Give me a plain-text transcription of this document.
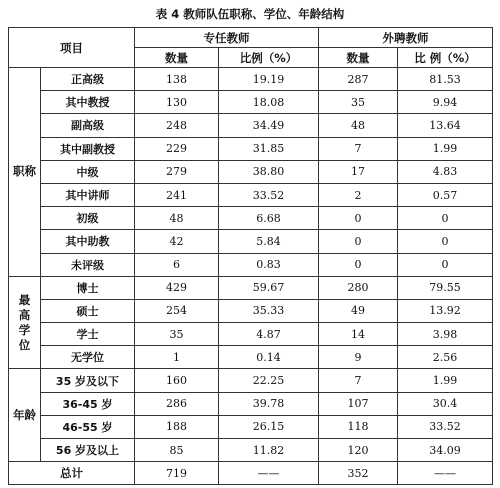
表 4 教师队伍职称、学位、年龄结构
项目		专任教师		外聘教师	
		数量	比例（%）	数量	比 例（%）
职称	正高级	138	19.19	287	81.53
	其中教授	130	18.08	35	9.94
	副高级	248	34.49	48	13.64
	其中副教授	229	31.85	7	1.99
	中级	279	38.80	17	4.83
	其中讲师	241	33.52	2	0.57
	初级	48	6.68	0	0
	其中助教	42	5.84	0	0
	未评级	6	0.83	0	0
最高学位	博士	429	59.67	280	79.55
	硕士	254	35.33	49	13.92
	学士	35	4.87	14	3.98
	无学位	1	0.14	9	2.56
年龄	35 岁及以下	160	22.25	7	1.99
	36-45 岁	286	39.78	107	30.4
	46-55 岁	188	26.15	118	33.52
	56 岁及以上	85	11.82	120	34.09
总计		719	——	352	——
